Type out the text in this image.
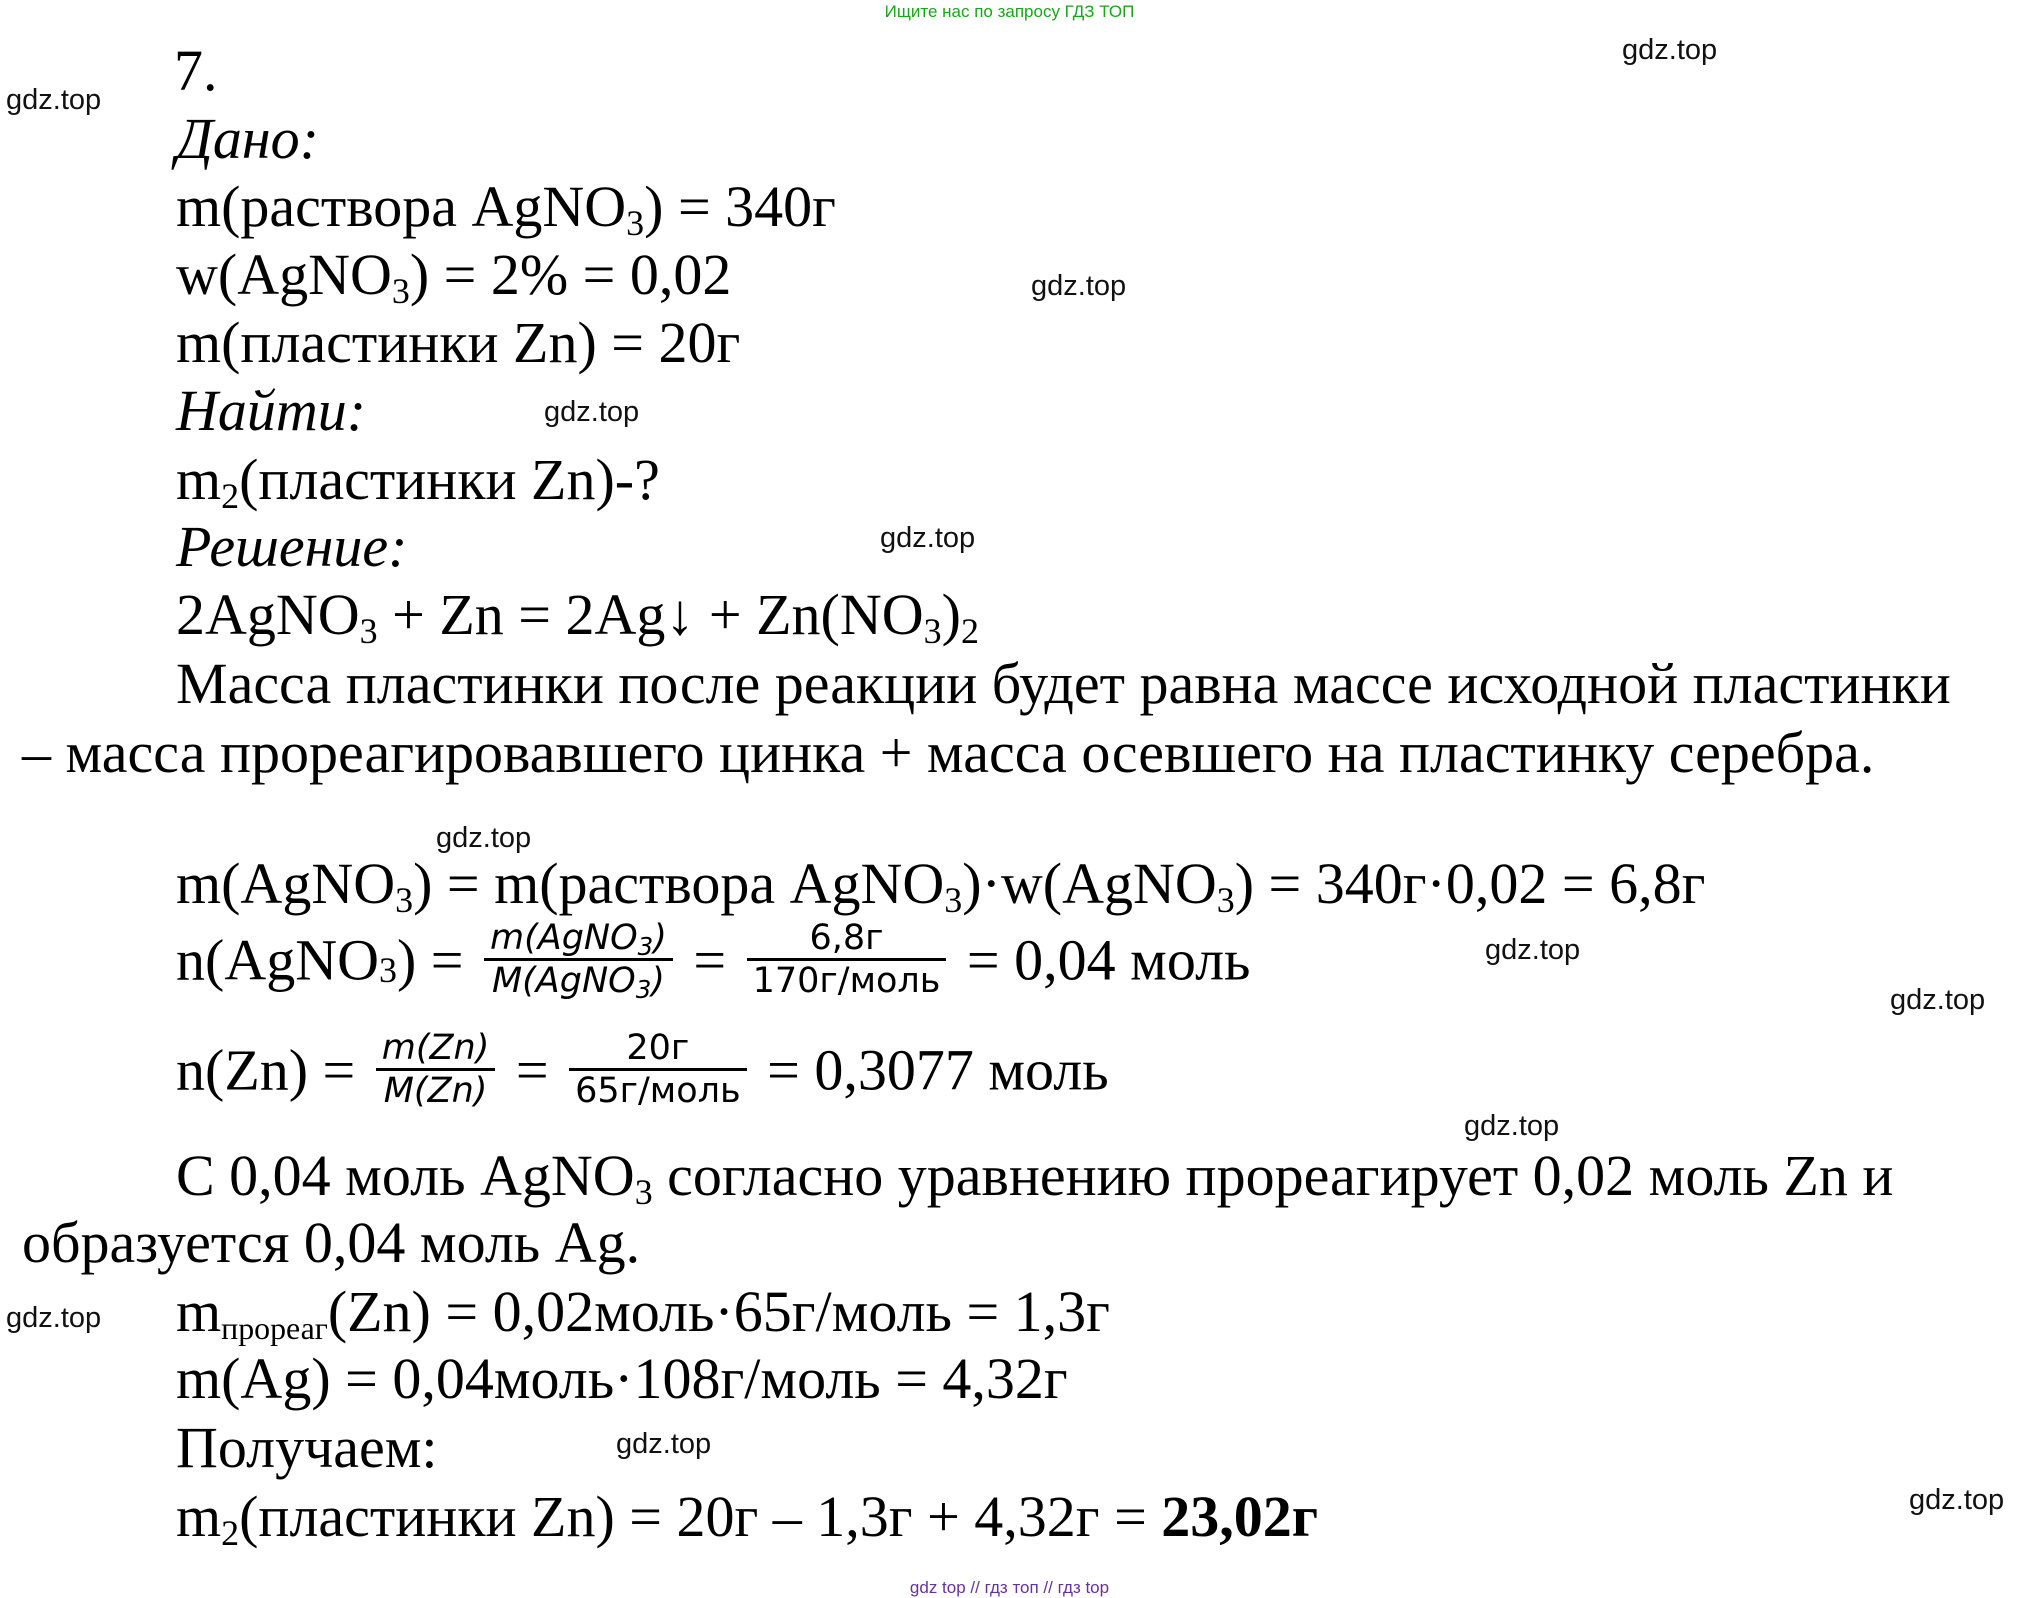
Ищите нас по запросу ГДЗ ТОП
gdz.top
gdz.top
gdz.top
gdz.top
gdz.top
gdz.top
gdz.top
gdz.top
gdz.top
gdz.top
gdz.top
gdz.top
7.
Дано:
m(раствора AgNO$_3$) = 340г
w(AgNO$_3$) = 2% = 0,02
m(пластинки Zn) = 20г
Найти:
$m_2(пластинки$ Zn)-?
Решение:
2AgNO$_3$ + Zn = 2Ag↓ + $Zn(NO_3)_2$
Масса пластинки после реакции будет равна массе исходной пластинки
– масса прореагировавшего цинка + масса осевшего на пластинку серебра.
m(AgNO$_3$) = m(раствора AgNO$_3$)·w(AgNO$_3$) = 340г·0,02 = 6,8г
n(AgNO$_3$) = $\frac{m(AgNO_3)}{M(AgNO_3)} = \frac{6,8г}{\text{170г/моль}} = 0,04$ моль
$n(Zn) = \frac{m(Zn)}{M(Zn)} = \frac{20г}{\text{65г/моль}} = 0,3077$ моль
С 0,04 моль AgNO$_3$ согласно уравнению прореагирует 0,02 моль Zn и
образуется 0,04 моль Ag.
$m_{прореаг}(Zn)$ = 0,02моль·65г/моль = 1,3г
m(Ag) = 0,04моль·108г/моль = 4,32г
Получаем:
$m_2(пластинки$ Zn) = 20г – 1,3г + 4,32г = 23,02г
gdz top // гдз топ // гдз top
